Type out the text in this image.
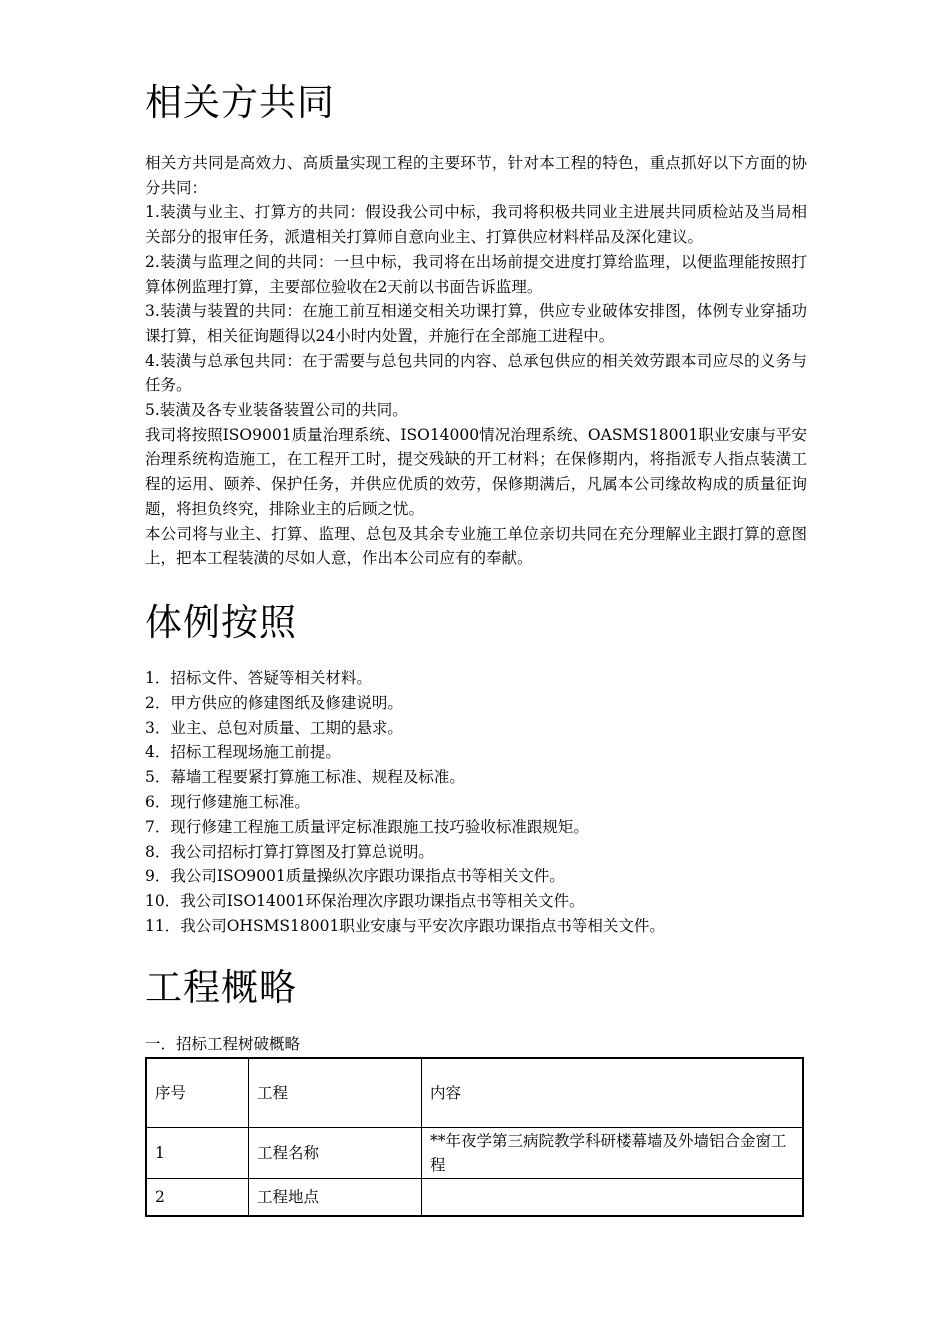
相关方共同

相关方共同是高效力、高质量实现工程的主要环节，针对本工程的特色，重点抓好以下方面的协分共同：

1.装潢与业主、打算方的共同：假设我公司中标，我司将积极共同业主进展共同质检站及当局相关部分的报审任务，派遣相关打算师自意向业主、打算供应材料样品及深化建议。

2.装潢与监理之间的共同：一旦中标，我司将在出场前提交进度打算给监理，以便监理能按照打算体例监理打算，主要部位验收在2天前以书面告诉监理。

3.装潢与装置的共同：在施工前互相递交相关功课打算，供应专业破体安排图，体例专业穿插功课打算，相关征询题得以24小时内处置，并施行在全部施工进程中。

4.装潢与总承包共同：在于需要与总包共同的内容、总承包供应的相关效劳跟本司应尽的义务与任务。

5.装潢及各专业装备装置公司的共同。

我司将按照ISO9001质量治理系统、ISO14000情况治理系统、OASMS18001职业安康与平安治理系统构造施工，在工程开工时，提交残缺的开工材料；在保修期内，将指派专人指点装潢工程的运用、颐养、保护任务，并供应优质的效劳，保修期满后，凡属本公司缘故构成的质量征询题，将担负终究，排除业主的后顾之忧。

本公司将与业主、打算、监理、总包及其余专业施工单位亲切共同在充分理解业主跟打算的意图上，把本工程装潢的尽如人意，作出本公司应有的奉献。

体例按照

1．招标文件、答疑等相关材料。

2．甲方供应的修建图纸及修建说明。

3．业主、总包对质量、工期的悬求。

4．招标工程现场施工前提。

5．幕墙工程要紧打算施工标准、规程及标准。

6．现行修建施工标准。

7．现行修建工程施工质量评定标准跟施工技巧验收标准跟规矩。

8．我公司招标打算打算图及打算总说明。

9．我公司ISO9001质量操纵次序跟功课指点书等相关文件。

10．我公司ISO14001环保治理次序跟功课指点书等相关文件。

11．我公司OHSMS18001职业安康与平安次序跟功课指点书等相关文件。

工程概略

一．招标工程树破概略

序号	工程	内容
1	工程名称	**年夜学第三病院教学科研楼幕墙及外墙铝合金窗工程
2	工程地点	
